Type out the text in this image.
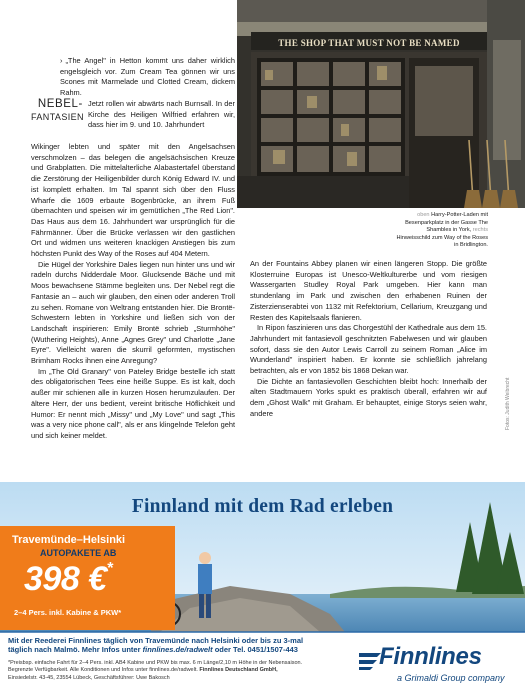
THE SHOP THAT MUST NOT BE NAMED
oben Harry-Potter-Laden mit Besenparkplatz in der Gasse The Shambles in York, rechts Hinweisschild zum Way of the Roses in Bridlington.
Fotos: Judith Weibrecht

› „The Angel" in Hetton kommt uns daher wirklich engelsgleich vor. Zum Cream Tea gönnen wir uns Scones mit Marmelade und Clotted Cream, dickem Rahm.

NEBEL-
FANTASIEN

Jetzt rollen wir abwärts nach Burnsall. In der Kirche des Heiligen Wilfried erfahren wir, dass hier im 9. und 10. Jahrhundert

Wikinger lebten und später mit den Angelsachsen verschmolzen – das belegen die angelsächsischen Kreuze und Grabplatten. Die mittelalterliche Alabastertafel überstand die Zerstörung der Heiligenbilder durch König Edward IV. und ist komplett erhalten. Im Tal spannt sich über den Fluss Wharfe die 1609 erbaute Bogenbrücke, an ihrem Fuß übernachten und speisen wir im gemütlichen „The Red Lion". Das Haus aus dem 16. Jahrhundert war ursprünglich für die Fährmänner. Über die Brücke verlassen wir den gastlichen Ort und widmen uns weiteren knackigen Anstiegen bis zum höchsten Punkt des Way of the Roses auf 404 Metern.

Die Hügel der Yorkshire Dales liegen nun hinter uns und wir radeln durchs Nidderdale Moor. Glucksende Bäche und mit Moos bewachsene Stämme begleiten uns. Der Nebel regt die Fantasie an – auch wir glauben, den einen oder anderen Troll zu sehen. Romane von Weltrang entstanden hier. Die Brontë-Schwestern lebten in Yorkshire und ließen sich von der Landschaft inspirieren: Emily Brontë schrieb „Sturmhöhe" (Wuthering Heights), Anne „Agnes Grey" und Charlotte „Jane Eyre". Vielleicht waren die skurril geformten, mystischen Brimham Rocks ihnen eine Anregung?

Im „The Old Granary" von Pateley Bridge bestelle ich statt des obligatorischen Tees eine heiße Suppe. Es ist kalt, doch außer mir schienen alle in kurzen Hosen herumzulaufen. Der ältere Herr, der uns bedient, vereint britische Höflichkeit und Humor: Er nennt mich „Missy" und „My Love" und sagt „This was a very nice phone call", als er ans klingelnde Telefon geht und sich keiner meldet.

An der Fountains Abbey planen wir einen längeren Stopp. Die größte Klosterruine Europas ist Unesco-Weltkulturerbe und vom riesigen Wassergarten Studley Royal Park umgeben. Hier kann man stundenlang im Park und zwischen den erhabenen Ruinen der Zisterzienserabtei von 1132 mit Refektorium, Cellarium, Kreuzgang und Resten des Kapitelsaals flanieren.

In Ripon faszinieren uns das Chorgestühl der Kathedrale aus dem 15. Jahrhundert mit fantasievoll geschnitzten Fabelwesen und wir glauben sofort, dass sie den Autor Lewis Carroll zu seinem Roman „Alice im Wunderland" inspiriert haben. Er konnte sie schließlich jahrelang betrachten, als er von 1852 bis 1868 Dekan war.

Die Dichte an fantasievollen Geschichten bleibt hoch: Innerhalb der alten Stadtmauern Yorks spukt es praktisch überall, erfahren wir auf dem „Ghost Walk" mit Graham. Er behauptet, einige Storys seien wahr, andere

Finnland mit dem Rad erleben
Travemünde–Helsinki
AUTOPAKETE AB
398 €*
2–4 Pers. inkl. Kabine & PKW*
Mit der Reederei Finnlines täglich von Travemünde nach Helsinki oder bis zu 3-mal
täglich nach Malmö. Mehr Infos unter finnlines.de/radwelt oder Tel. 0451/1507-443
*Preisbsp. einfache Fahrt für 2–4 Pers. inkl. AB4 Kabine und PKW bis max. 6 m Länge/2,10 m Höhe in der Nebensaison.
Begrenzte Verfügbarkeit. Alle Konditionen und Infos unter finnlines.de/radwelt. Finnlines Deutschland GmbH,
Einsiedelstr. 43-45, 23554 Lübeck, Geschäftsführer: Uwe Bakosch
Finnlines
a Grimaldi Group company
